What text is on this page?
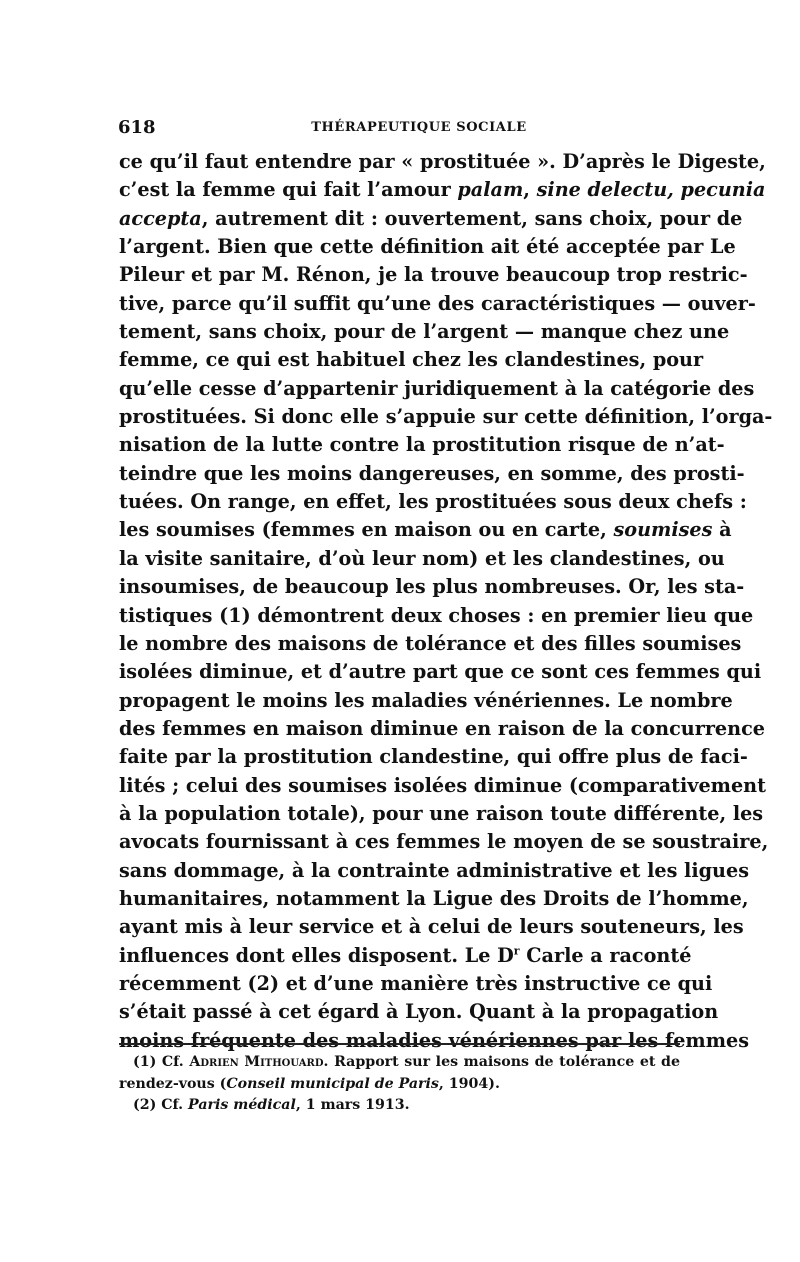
618	THÉRAPEUTIQUE SOCIALE
ce qu’il faut entendre par « prostituée ». D’après le Digeste,
c’est la femme qui fait l’amour palam, sine delectu, pecunia
accepta, autrement dit : ouvertement, sans choix, pour de
l’argent. Bien que cette définition ait été acceptée par Le
Pileur et par M. Rénon, je la trouve beaucoup trop restric-
tive, parce qu’il suffit qu’une des caractéristiques — ouver-
tement, sans choix, pour de l’argent — manque chez une
femme, ce qui est habituel chez les clandestines, pour
qu’elle cesse d’appartenir juridiquement à la catégorie des
prostituées. Si donc elle s’appuie sur cette définition, l’orga-
nisation de la lutte contre la prostitution risque de n’at-
teindre que les moins dangereuses, en somme, des prosti-
tuées. On range, en effet, les prostituées sous deux chefs :
les soumises (femmes en maison ou en carte, soumises à
la visite sanitaire, d’où leur nom) et les clandestines, ou
insoumises, de beaucoup les plus nombreuses. Or, les sta-
tistiques (1) démontrent deux choses : en premier lieu que
le nombre des maisons de tolérance et des filles soumises
isolées diminue, et d’autre part que ce sont ces femmes qui
propagent le moins les maladies vénériennes. Le nombre
des femmes en maison diminue en raison de la concurrence
faite par la prostitution clandestine, qui offre plus de faci-
lités ; celui des soumises isolées diminue (comparativement
à la population totale), pour une raison toute différente, les
avocats fournissant à ces femmes le moyen de se soustraire,
sans dommage, à la contrainte administrative et les ligues
humanitaires, notamment la Ligue des Droits de l’homme,
ayant mis à leur service et à celui de leurs souteneurs, les
influences dont elles disposent. Le $D^r$ Carle a raconté
récemment (2) et d’une manière très instructive ce qui
s’était passé à cet égard à Lyon. Quant à la propagation
moins fréquente des maladies vénériennes par les femmes
(1) Cf. Adrien Mithouard. Rapport sur les maisons de tolérance et de
rendez-vous (Conseil municipal de Paris, 1904).
(2) Cf. Paris médical, 1 mars 1913.
